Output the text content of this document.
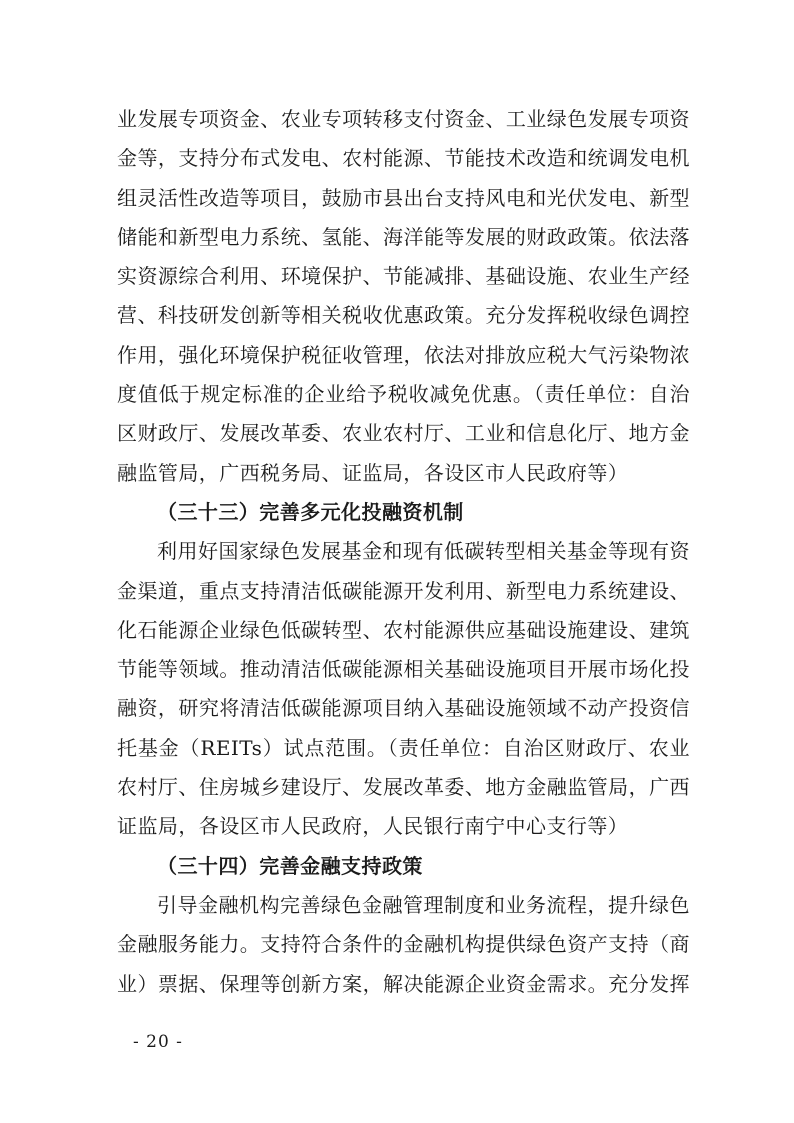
业发展专项资金、农业专项转移支付资金、工业绿色发展专项资
金等，支持分布式发电、农村能源、节能技术改造和统调发电机
组灵活性改造等项目，鼓励市县出台支持风电和光伏发电、新型
储能和新型电力系统、氢能、海洋能等发展的财政政策。依法落
实资源综合利用、环境保护、节能减排、基础设施、农业生产经
营、科技研发创新等相关税收优惠政策。充分发挥税收绿色调控
作用，强化环境保护税征收管理，依法对排放应税大气污染物浓
度值低于规定标准的企业给予税收减免优惠。（责任单位：自治
区财政厅、发展改革委、农业农村厅、工业和信息化厅、地方金
融监管局，广西税务局、证监局，各设区市人民政府等）
（三十三）完善多元化投融资机制
利用好国家绿色发展基金和现有低碳转型相关基金等现有资
金渠道，重点支持清洁低碳能源开发利用、新型电力系统建设、
化石能源企业绿色低碳转型、农村能源供应基础设施建设、建筑
节能等领域。推动清洁低碳能源相关基础设施项目开展市场化投
融资，研究将清洁低碳能源项目纳入基础设施领域不动产投资信
托基金（REITs）试点范围。（责任单位：自治区财政厅、农业
农村厅、住房城乡建设厅、发展改革委、地方金融监管局，广西
证监局，各设区市人民政府，人民银行南宁中心支行等）
（三十四）完善金融支持政策
引导金融机构完善绿色金融管理制度和业务流程，提升绿色
金融服务能力。支持符合条件的金融机构提供绿色资产支持（商
业）票据、保理等创新方案，解决能源企业资金需求。充分发挥
- 20 -
